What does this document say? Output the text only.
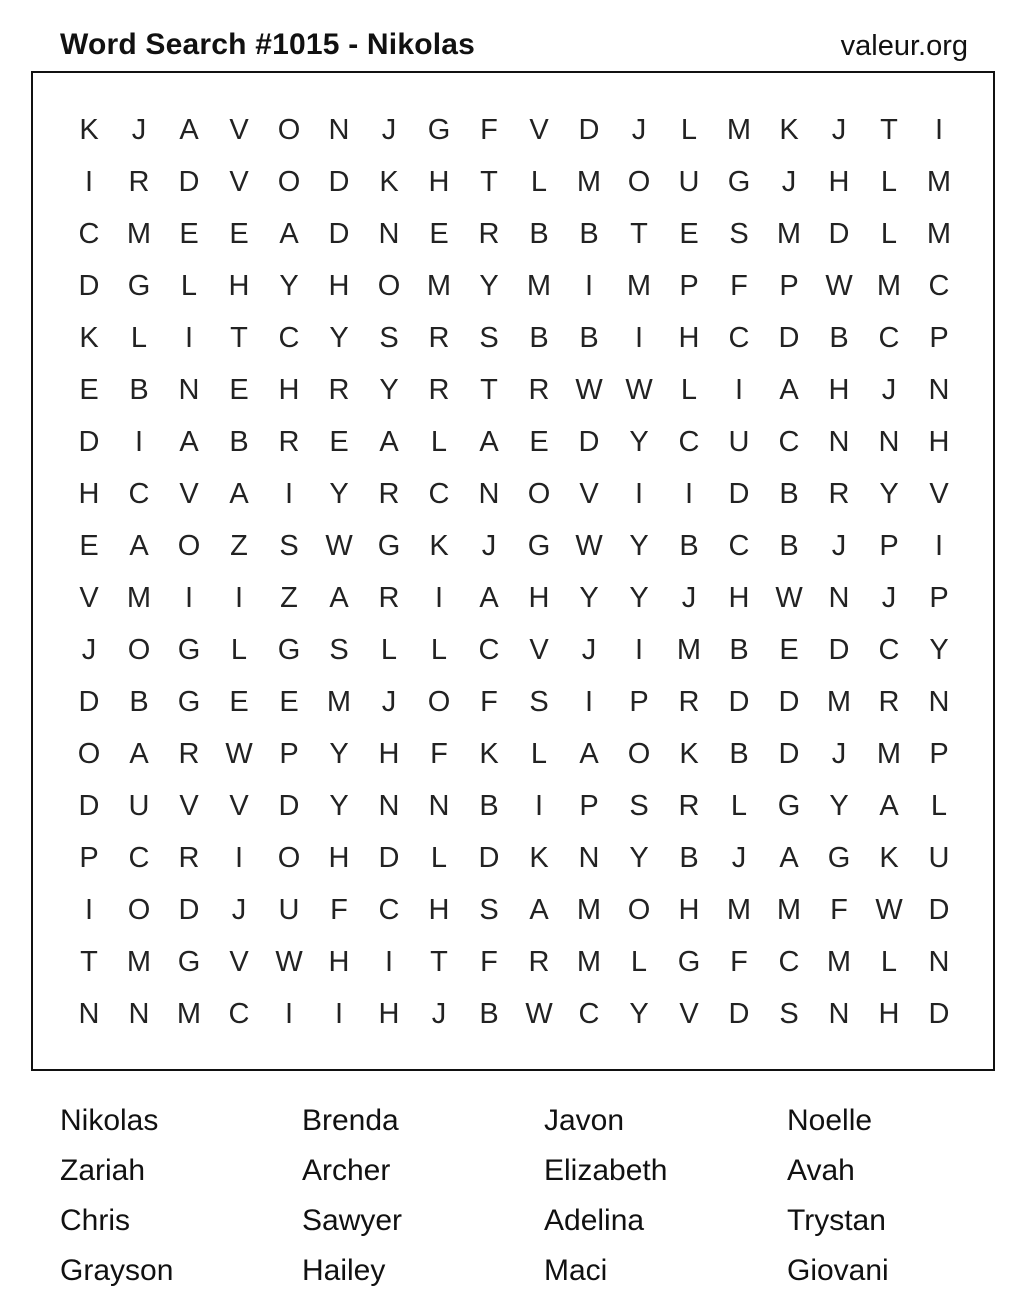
Word Search #1015 - Nikolas	valeur.org
K	J	A	V	O N	J	G	F	V	D	J	L	M K	J	T	I
I	R	D	V	O D	K	H	T	L	M O U G	J	H	L	M
C M E	E	A	D	N	E	R	B	B	T	E	S M D	L	M
D G	L	H	Y	H O M Y M	I	M P	F	P W M C
K	L	I	T	C	Y	S	R	S	B	B	I	H	C	D	B	C	P
E	B	N	E	H	R	Y	R	T	R W W L	I	A	H	J	N
D	I	A	B	R	E	A	L	A	E	D	Y	C	U	C	N	N	H
H	C	V	A	I	Y	R	C	N O	V	I	I	D	B	R	Y	V
E	A	O	Z	S W G	K	J	G W Y	B	C	B	J	P	I
V M	I	I	Z	A	R	I	A	H	Y	Y	J	H W N	J	P
J	O G	L	G	S	L	L	C	V	J	I	M B	E	D	C	Y
D	B	G	E	E M	J	O	F	S	I	P	R	D	D M R	N
O	A	R W P	Y	H	F	K	L	A	O	K	B	D	J	M P
D	U	V	V	D	Y	N	N	B	I	P	S	R	L	G	Y	A	L
P	C	R	I	O H	D	L	D	K	N	Y	B	J	A	G	K	U
I	O D	J	U	F	C	H	S	A M O H M M	F W D
T	M G	V W H	I	T	F	R M	L	G	F	C M	L	N
N	N M C	I	I	H	J	B W C	Y	V	D	S	N	H	D
Nikolas	Brenda	Javon	Noelle
Zariah	Archer	Elizabeth	Avah
Chris	Sawyer	Adelina	Trystan
Grayson	Hailey	Maci	Giovani
